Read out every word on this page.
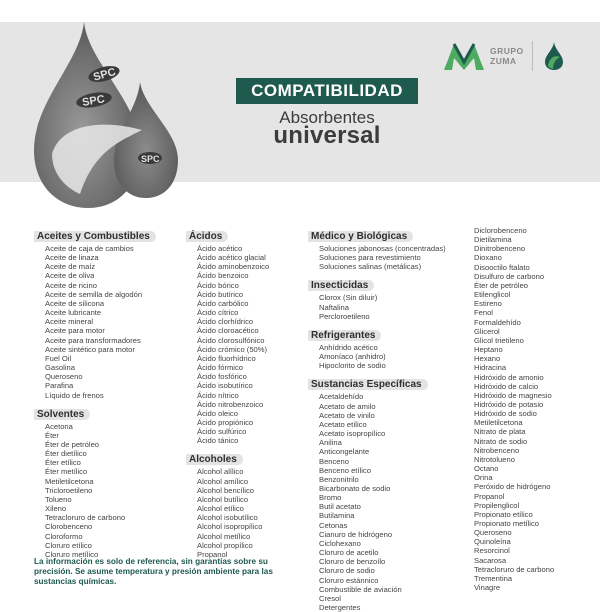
SPC
SPC
SPC
GRUPO
ZUMA
COMPATIBILIDAD
Absorbentes
universal
Aceites y Combustibles
Aceite de caja de cambios
Aceite de linaza
Aceite de maíz
Aceite de oliva
Aceite de ricino
Aceite de semilla de algodón
Aceite de silicona
Aceite lubricante
Aceite mineral
Aceite para motor
Aceite para transformadores
Aceite sintético para motor
Fuel Oil
Gasolina
Queroseno
Parafina
Líquido de frenos
Solventes
Acetona
Éter
Éter de petróleo
Éter dietílico
Éter etílico
Éter metílico
Metiletilcetona
Tricloroetileno
Tolueno
Xileno
Tetracloruro de carbono
Clorobenceno
Cloroformo
Cloruro etílico
Cloruro metílico
Ácidos
Ácido acético
Ácido acético glacial
Ácido aminobenzoico
Ácido benzoico
Ácido bórico
Ácido butírico
Ácido carbólico
Ácido cítrico
Ácido clorhídrico
Ácido cloroacético
Ácido clorosulfónico
Ácido crómico (50%)
Ácido fluorhídrico
Ácido fórmico
Ácido fosfórico
Ácido isobutírico
Ácido nítrico
Ácido nitrobenzoico
Ácido oleico
Ácido propiónico
Ácido sulfúrico
Ácido tánico
Alcoholes
Alcohol alílico
Alcohol amílico
Alcohol bencílico
Alcohol butílico
Alcohol etílico
Alcohol isobutílico
Alcohol isopropílico
Alcohol metílico
Alcohol propílico
Propanol
Médico y Biológicas
Soluciones jabonosas (concentradas)
Soluciones para revestimiento
Soluciones salinas (metálicas)
Insecticidas
Clorox (Sin diluir)
Naftalina
Percloroetileno
Refrigerantes
Anhídrido acético
Amoníaco (anhidro)
Hipoclorito de sodio
Sustancias Específicas
Acetaldehído
Acetato de amilo
Acetato de vinilo
Acetato etílico
Acetato isopropílico
Anilina
Anticongelante
Benceno
Benceno etílico
Benzonitrilo
Bicarbonato de sodio
Bromo
Butil acetato
Butilamina
Cetonas
Cianuro de hidrógeno
Ciclohexano
Cloruro de acetilo
Cloruro de benzoílo
Cloruro de sodio
Cloruro estánnico
Combustible de aviación
Cresol
Detergentes
Diclorobenceno
Dietilamina
Dinitrobenceno
Dioxano
Disooctilo ftalato
Disulfuro de carbono
Éter de petróleo
Etilenglicol
Estireno
Fenol
Formaldehído
Glicerol
Glicol trietileno
Heptano
Hexano
Hidracina
Hidróxido de amonio
Hidróxido de calcio
Hidróxido de magnesio
Hidróxido de potasio
Hidróxido de sodio
Metiletilcetona
Nitrato de plata
Nitrato de sodio
Nitrobenceno
Nitrotolueno
Octano
Orina
Peróxido de hidrógeno
Propanol
Propilenglicol
Propionato etílico
Propionato metílico
Queroseno
Quinoleína
Resorcinol
Sacarosa
Tetracloruro de carbono
Trementina
Vinagre
La información es solo de referencia, sin garantías sobre su precisión. Se asume temperatura y presión ambiente para las sustancias químicas.
